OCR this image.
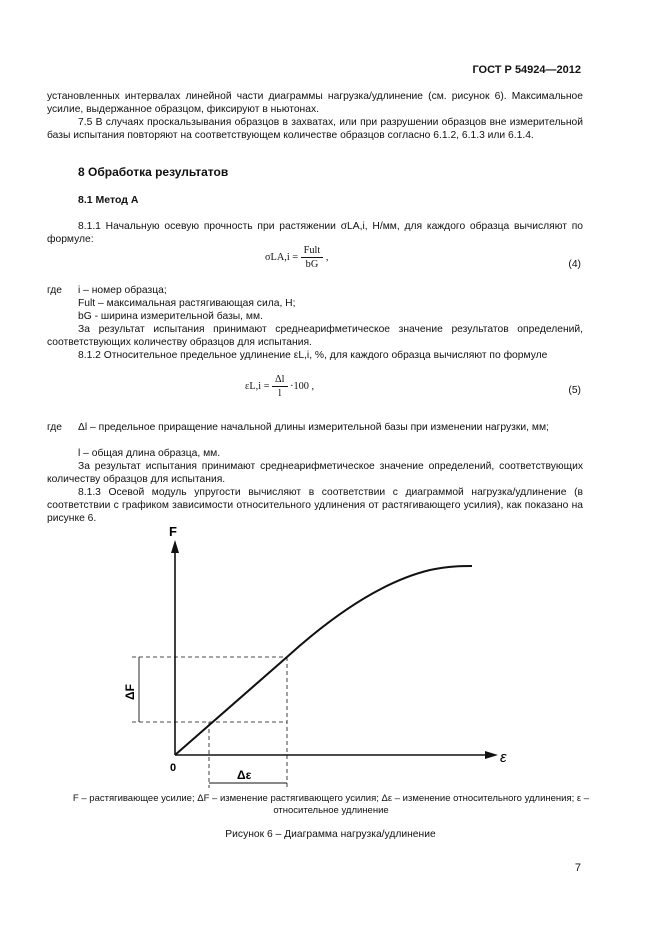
ГОСТ Р 54924—2012

установленных интервалах линейной части диаграммы нагрузка/удлинение (см. рисунок 6). Максимальное усилие, выдержанное образцом, фиксируют в ньютонах.

7.5 В случаях проскальзывания образцов в захватах, или при разрушении образцов вне измерительной базы испытания повторяют на соответствующем количестве образцов согласно 6.1.2, 6.1.3 или 6.1.4.

8 Обработка результатов

8.1 Метод А

8.1.1 Начальную осевую прочность при растяжении σLA,i, Н/мм, для каждого образца вычисляют по формуле:

$\sigma LA,i = \frac{\text{Fult}}{bG}$ ,
(4)
где i – номер образца;
Fult – максимальная растягивающая сила, Н;
bG - ширина измерительной базы, мм.

За результат испытания принимают среднеарифметическое значение результатов определений, соответствующих количеству образцов для испытания.

8.1.2 Относительное предельное удлинение εL,i, %, для каждого образца вычисляют по формуле

$\varepsilon L,i = \frac{\Delta l}{l} \cdot 100$ ,	(5)
где Δl – предельное приращение начальной длины измерительной базы при изменении нагрузки, мм;
l – общая длина образца, мм.

За результат испытания принимают среднеарифметическое значение определений, соответствующих количеству образцов для испытания.

8.1.3 Осевой модуль упругости вычисляют в соответствии с диаграммой нагрузка/удлинение (в соответствии с графиком зависимости относительного удлинения от растягивающего усилия), как показано на рисунке 6.

F
ε
0
ΔF
Δε
F – растягивающее усилие; ΔF – изменение растягивающего усилия; Δε – изменение относительного удлинения; ε – относительное удлинение
Рисунок 6 – Диаграмма нагрузка/удлинение
7
